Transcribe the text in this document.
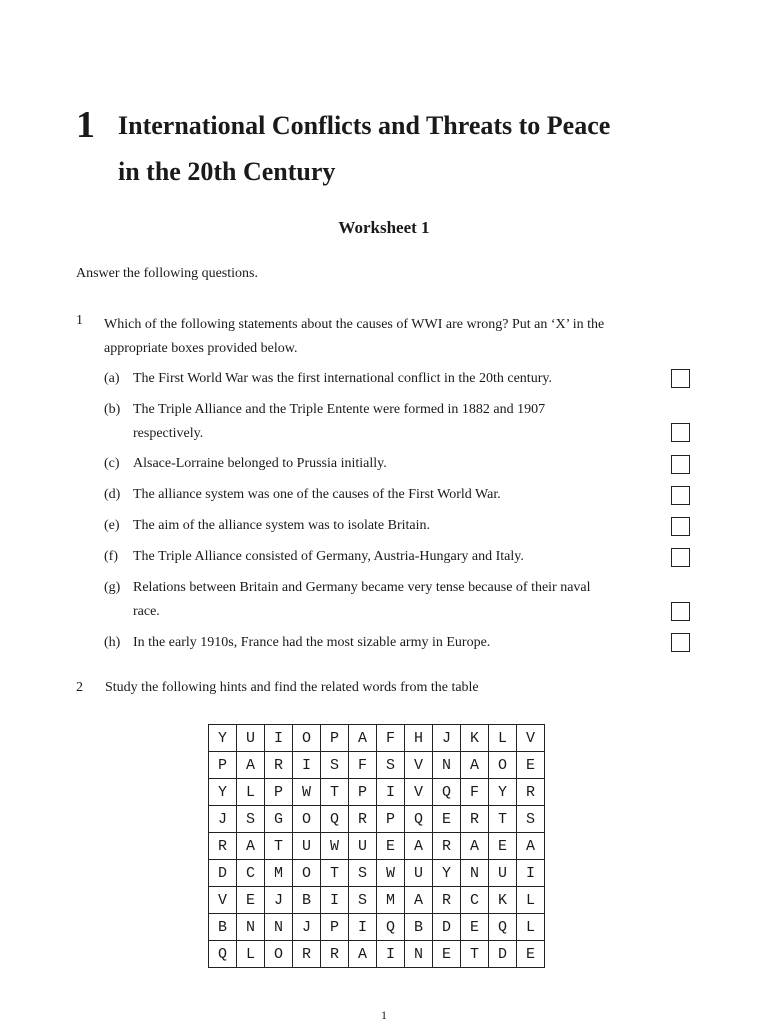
1 International Conflicts and Threats to Peace
in the 20th Century
Worksheet 1
Answer the following questions.
1 Which of the following statements about the causes of WWI are wrong? Put an ‘X’ in the appropriate boxes provided below.
(a) The First World War was the first international conflict in the 20th century.
(b) The Triple Alliance and the Triple Entente were formed in 1882 and 1907 respectively.
(c) Alsace-Lorraine belonged to Prussia initially.
(d) The alliance system was one of the causes of the First World War.
(e) The aim of the alliance system was to isolate Britain.
(f)	The Triple Alliance consisted of Germany, Austria-Hungary and Italy.
(g) Relations between Britain and Germany became very tense because of their naval race.
(h) In the early 1910s, France had the most sizable army in Europe.
2 Study the following hints and find the related words from the table
Y	U	I	O	P	A	F	H	J	K	L	V
P	A	R	I	S	F	S	V	N	A	O	E
Y	L	P	W	T	P	I	V	Q	F	Y	R
J	S	G	O	Q	R	P	Q	E	R	T	S
R	A	T	U	W	U	E	A	R	A	E	A
D	C	M	O	T	S	W	U	Y	N	U	I
V	E	J	B	I	S	M	A	R	C	K	L
B	N	N	J	P	I	Q	B	D	E	Q	L
Q	L	O	R	R	A	I	N	E	T	D	E
1
